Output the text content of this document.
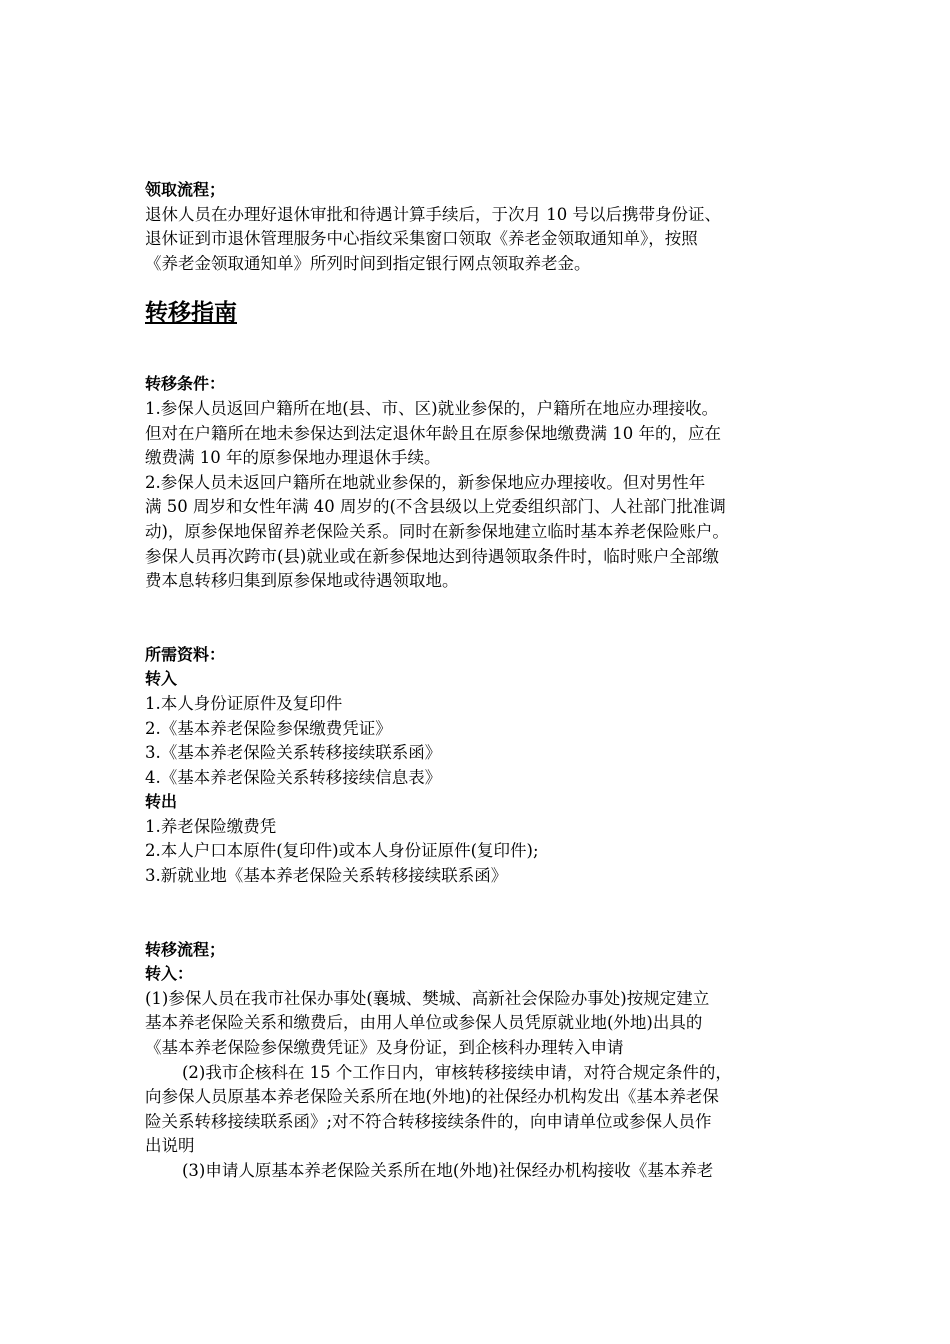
领取流程；
退休人员在办理好退休审批和待遇计算手续后，于次月 10 号以后携带身份证、
退休证到市退休管理服务中心指纹采集窗口领取《养老金领取通知单》，按照
《养老金领取通知单》所列时间到指定银行网点领取养老金。
转移指南
转移条件：
1.参保人员返回户籍所在地(县、市、区)就业参保的，户籍所在地应办理接收。
但对在户籍所在地未参保达到法定退休年龄且在原参保地缴费满 10 年的，应在
缴费满 10 年的原参保地办理退休手续。
2.参保人员未返回户籍所在地就业参保的，新参保地应办理接收。但对男性年
满 50 周岁和女性年满 40 周岁的(不含县级以上党委组织部门、人社部门批准调
动)，原参保地保留养老保险关系。同时在新参保地建立临时基本养老保险账户。
参保人员再次跨市(县)就业或在新参保地达到待遇领取条件时，临时账户全部缴
费本息转移归集到原参保地或待遇领取地。
所需资料：
转入
1.本人身份证原件及复印件
2.《基本养老保险参保缴费凭证》
3.《基本养老保险关系转移接续联系函》
4.《基本养老保险关系转移接续信息表》
转出
1.养老保险缴费凭
2.本人户口本原件(复印件)或本人身份证原件(复印件);
3.新就业地《基本养老保险关系转移接续联系函》
转移流程；
转入：
(1)参保人员在我市社保办事处(襄城、樊城、高新社会保险办事处)按规定建立
基本养老保险关系和缴费后，由用人单位或参保人员凭原就业地(外地)出具的
《基本养老保险参保缴费凭证》及身份证，到企核科办理转入申请
(2)我市企核科在 15 个工作日内，审核转移接续申请，对符合规定条件的，
向参保人员原基本养老保险关系所在地(外地)的社保经办机构发出《基本养老保
险关系转移接续联系函》;对不符合转移接续条件的，向申请单位或参保人员作
出说明
(3)申请人原基本养老保险关系所在地(外地)社保经办机构接收《基本养老
